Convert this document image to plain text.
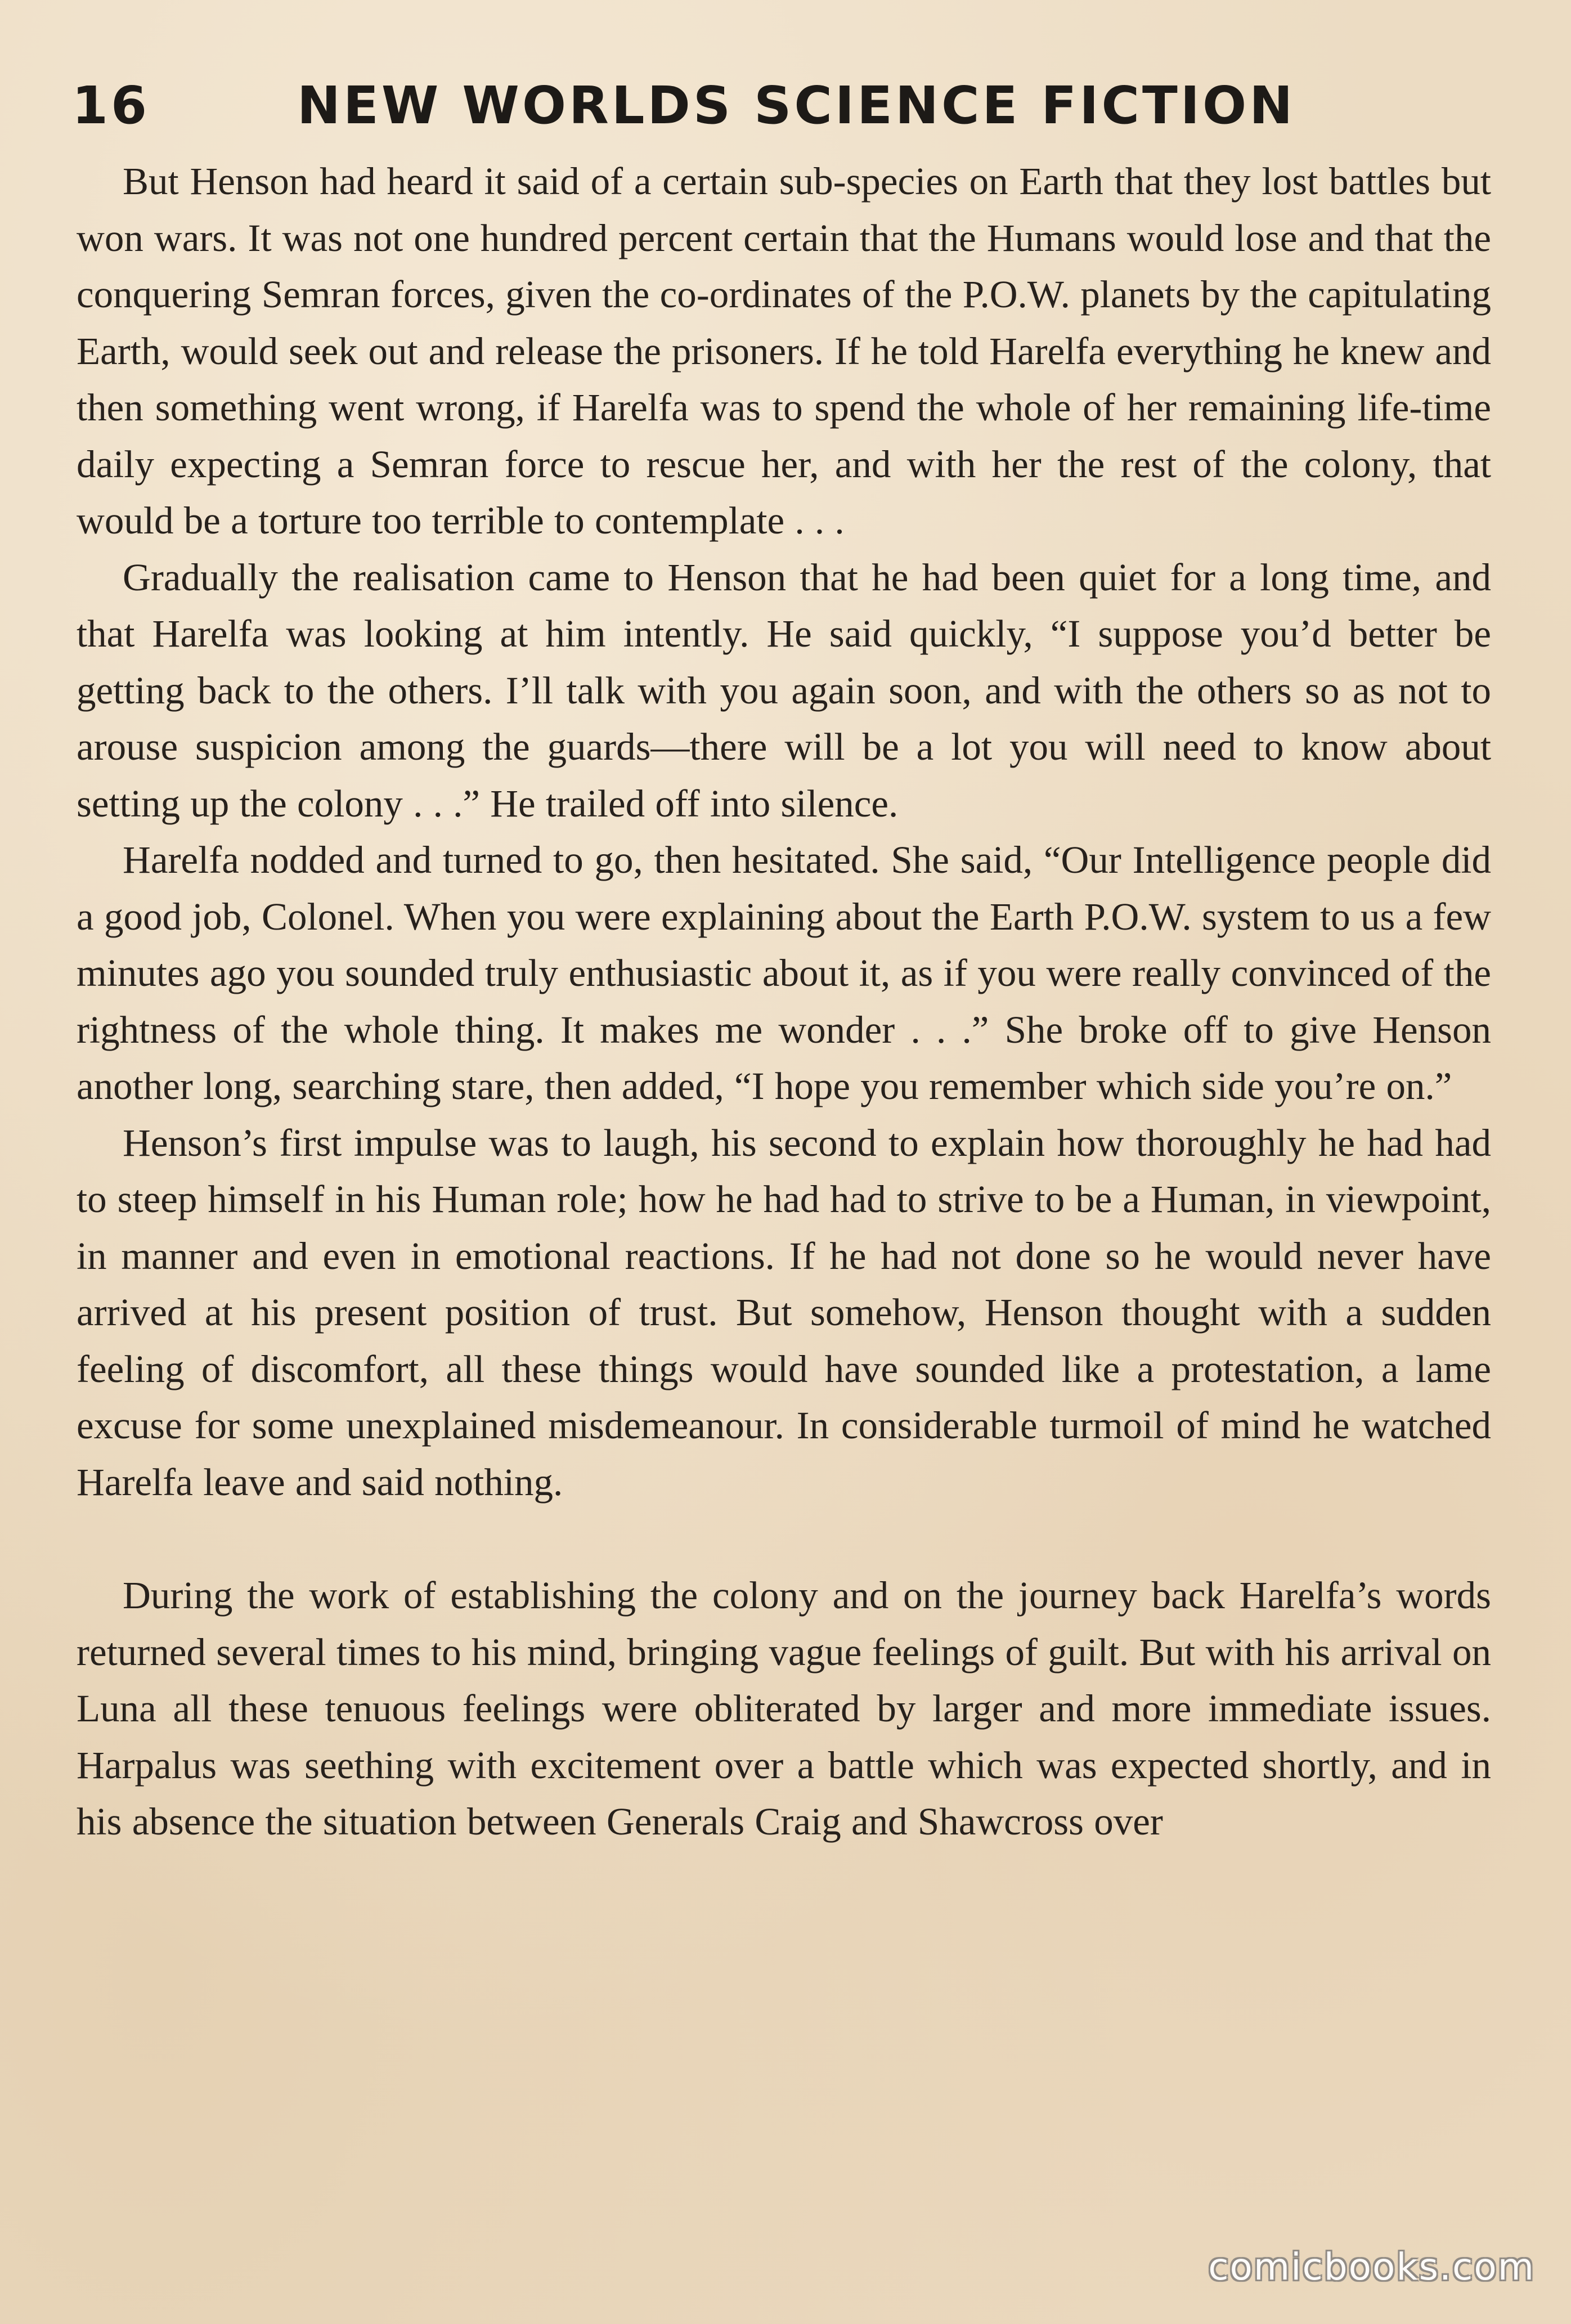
16	NEW WORLDS SCIENCE FICTION

But Henson had heard it said of a certain sub-species on Earth that they lost battles but won wars. It was not one hundred percent certain that the Humans would lose and that the conquering Semran forces, given the co-ordinates of the P.O.W. planets by the capitulating Earth, would seek out and release the prisoners. If he told Harelfa everything he knew and then something went wrong, if Harelfa was to spend the whole of her remaining life-time daily expecting a Semran force to rescue her, and with her the rest of the colony, that would be a torture too terrible to contemplate . . .

Gradually the realisation came to Henson that he had been quiet for a long time, and that Harelfa was looking at him intently. He said quickly, “I suppose you’d better be getting back to the others. I’ll talk with you again soon, and with the others so as not to arouse suspicion among the guards—there will be a lot you will need to know about setting up the colony . . .” He trailed off into silence.

Harelfa nodded and turned to go, then hesitated. She said, “Our Intelligence people did a good job, Colonel. When you were explaining about the Earth P.O.W. system to us a few minutes ago you sounded truly enthusiastic about it, as if you were really convinced of the rightness of the whole thing. It makes me wonder . . .” She broke off to give Henson another long, searching stare, then added, “I hope you remember which side you’re on.”

Henson’s first impulse was to laugh, his second to explain how thoroughly he had had to steep himself in his Human role; how he had had to strive to be a Human, in viewpoint, in manner and even in emotional reactions. If he had not done so he would never have arrived at his present position of trust. But somehow, Henson thought with a sudden feeling of discomfort, all these things would have sounded like a protestation, a lame excuse for some unexplained misdemeanour. In considerable turmoil of mind he watched Harelfa leave and said nothing.

During the work of establishing the colony and on the journey back Harelfa’s words returned several times to his mind, bringing vague feelings of guilt. But with his arrival on Luna all these tenuous feelings were obliterated by larger and more immediate issues. Harpalus was seething with excitement over a battle which was expected shortly, and in his absence the situation between Generals Craig and Shawcross over

comicbooks.com
